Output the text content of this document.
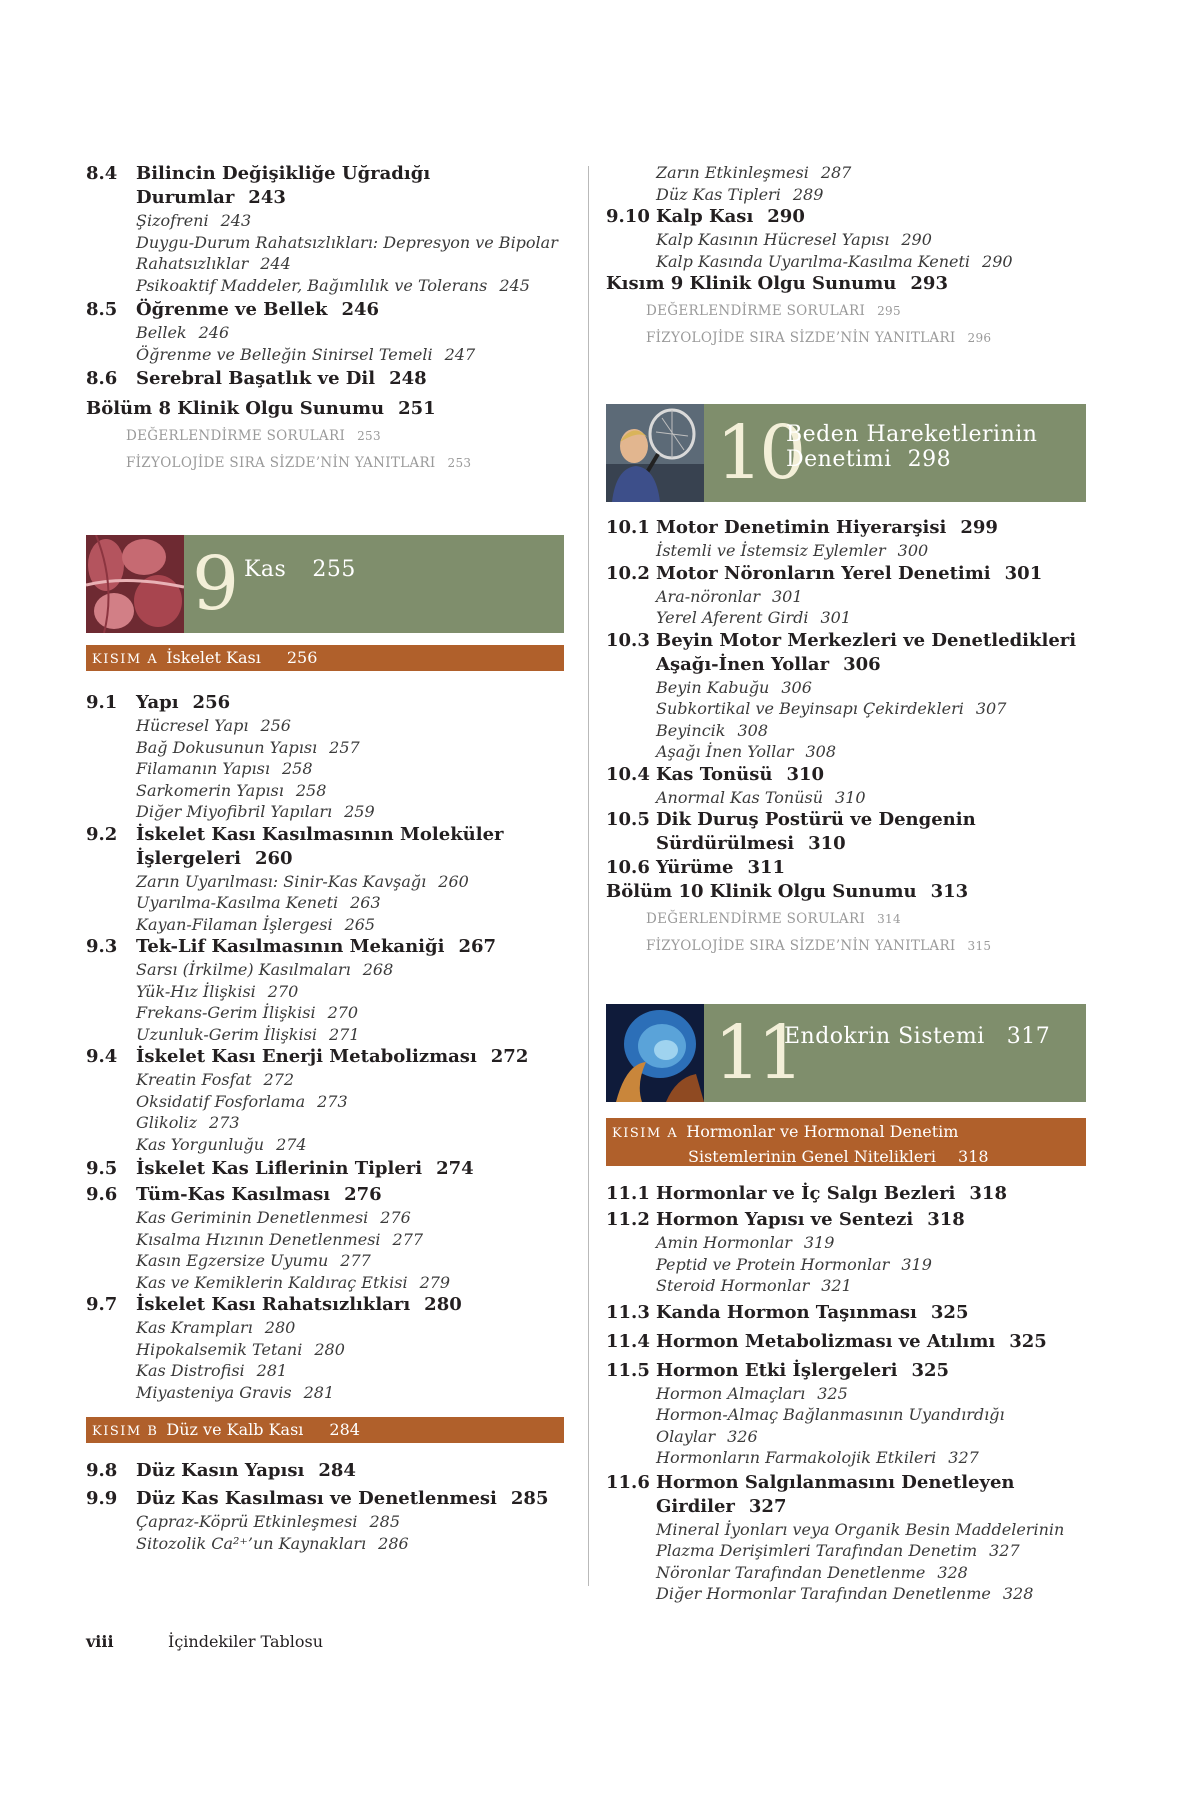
8.4	Bilincin Değişikliğe Uğradığı Durumlar 243
Şizofreni 243
Duygu-Durum Rahatsızlıkları: Depresyon ve Bipolar
Rahatsızlıklar 244
Psikoaktif Maddeler, Bağımlılık ve Tolerans 245
8.5	Öğrenme ve Bellek 246
Bellek 246
Öğrenme ve Belleğin Sinirsel Temeli 247
8.6	Serebral Başatlık ve Dil 248
Bölüm 8 Klinik Olgu Sunumu 251
DEĞERLENDİRME SORULARI 253
FİZYOLOJİDE SIRA SİZDE’NİN YANITLARI 253
9 Kas 255
KISIM A İskelet Kası 256
9.1	Yapı 256
Hücresel Yapı 256
Bağ Dokusunun Yapısı 257
Filamanın Yapısı 258
Sarkomerin Yapısı 258
Diğer Miyofibril Yapıları 259
9.2	İskelet Kası Kasılmasının Moleküler
İşlergeleri 260
Zarın Uyarılması: Sinir-Kas Kavşağı 260
Uyarılma-Kasılma Keneti 263
Kayan-Filaman İşlergesi 265
9.3	Tek-Lif Kasılmasının Mekaniği 267
Sarsı (İrkilme) Kasılmaları 268
Yük-Hız İlişkisi 270
Frekans-Gerim İlişkisi 270
Uzunluk-Gerim İlişkisi 271
9.4	İskelet Kası Enerji Metabolizması 272
Kreatin Fosfat 272
Oksidatif Fosforlama 273
Glikoliz 273
Kas Yorgunluğu 274
9.5	İskelet Kas Liflerinin Tipleri 274
9.6	Tüm-Kas Kasılması 276
Kas Geriminin Denetlenmesi 276
Kısalma Hızının Denetlenmesi 277
Kasın Egzersize Uyumu 277
Kas ve Kemiklerin Kaldıraç Etkisi 279
9.7	İskelet Kası Rahatsızlıkları 280
Kas Krampları 280
Hipokalsemik Tetani 280
Kas Distrofisi 281
Miyasteniya Gravis 281
KISIM B Düz ve Kalb Kası 284
9.8	Düz Kasın Yapısı 284
9.9	Düz Kas Kasılması ve Denetlenmesi 285
Çapraz-Köprü Etkinleşmesi 285
Sitozolik Ca²⁺’un Kaynakları 286
Zarın Etkinleşmesi 287
Düz Kas Tipleri 289
9.10 Kalp Kası 290
Kalp Kasının Hücresel Yapısı 290
Kalp Kasında Uyarılma-Kasılma Keneti 290
Kısım 9 Klinik Olgu Sunumu 293
DEĞERLENDİRME SORULARI 295
FİZYOLOJİDE SIRA SİZDE’NİN YANITLARI 296
10
Beden Hareketlerinin
Denetimi 298
10.1 Motor Denetimin Hiyerarşisi 299
İstemli ve İstemsiz Eylemler 300
10.2 Motor Nöronların Yerel Denetimi 301
Ara-nöronlar 301
Yerel Aferent Girdi 301
10.3 Beyin Motor Merkezleri ve Denetledikleri
Aşağı-İnen Yollar 306
Beyin Kabuğu 306
Subkortikal ve Beyinsapı Çekirdekleri 307
Beyincik 308
Aşağı İnen Yollar 308
10.4 Kas Tonüsü 310
Anormal Kas Tonüsü 310
10.5 Dik Duruş Postürü ve Dengenin
Sürdürülmesi 310
10.6 Yürüme 311
Bölüm 10 Klinik Olgu Sunumu 313
DEĞERLENDİRME SORULARI 314
FİZYOLOJİDE SIRA SİZDE’NİN YANITLARI 315
11
Endokrin Sistemi 317
KISIM A Hormonlar ve Hormonal Denetim
Sistemlerinin Genel Nitelikleri 318
11.1 Hormonlar ve İç Salgı Bezleri 318
11.2 Hormon Yapısı ve Sentezi 318
Amin Hormonlar 319
Peptid ve Protein Hormonlar 319
Steroid Hormonlar 321
11.3 Kanda Hormon Taşınması 325
11.4 Hormon Metabolizması ve Atılımı 325
11.5 Hormon Etki İşlergeleri 325
Hormon Almaçları 325
Hormon-Almaç Bağlanmasının Uyandırdığı Olaylar 326
Hormonların Farmakolojik Etkileri 327
11.6 Hormon Salgılanmasını Denetleyen Girdiler 327
Mineral İyonları veya Organik Besin Maddelerinin
Plazma Derişimleri Tarafından Denetim 327
Nöronlar Tarafından Denetlenme 328
Diğer Hormonlar Tarafından Denetlenme 328
viii	İçindekiler Tablosu
